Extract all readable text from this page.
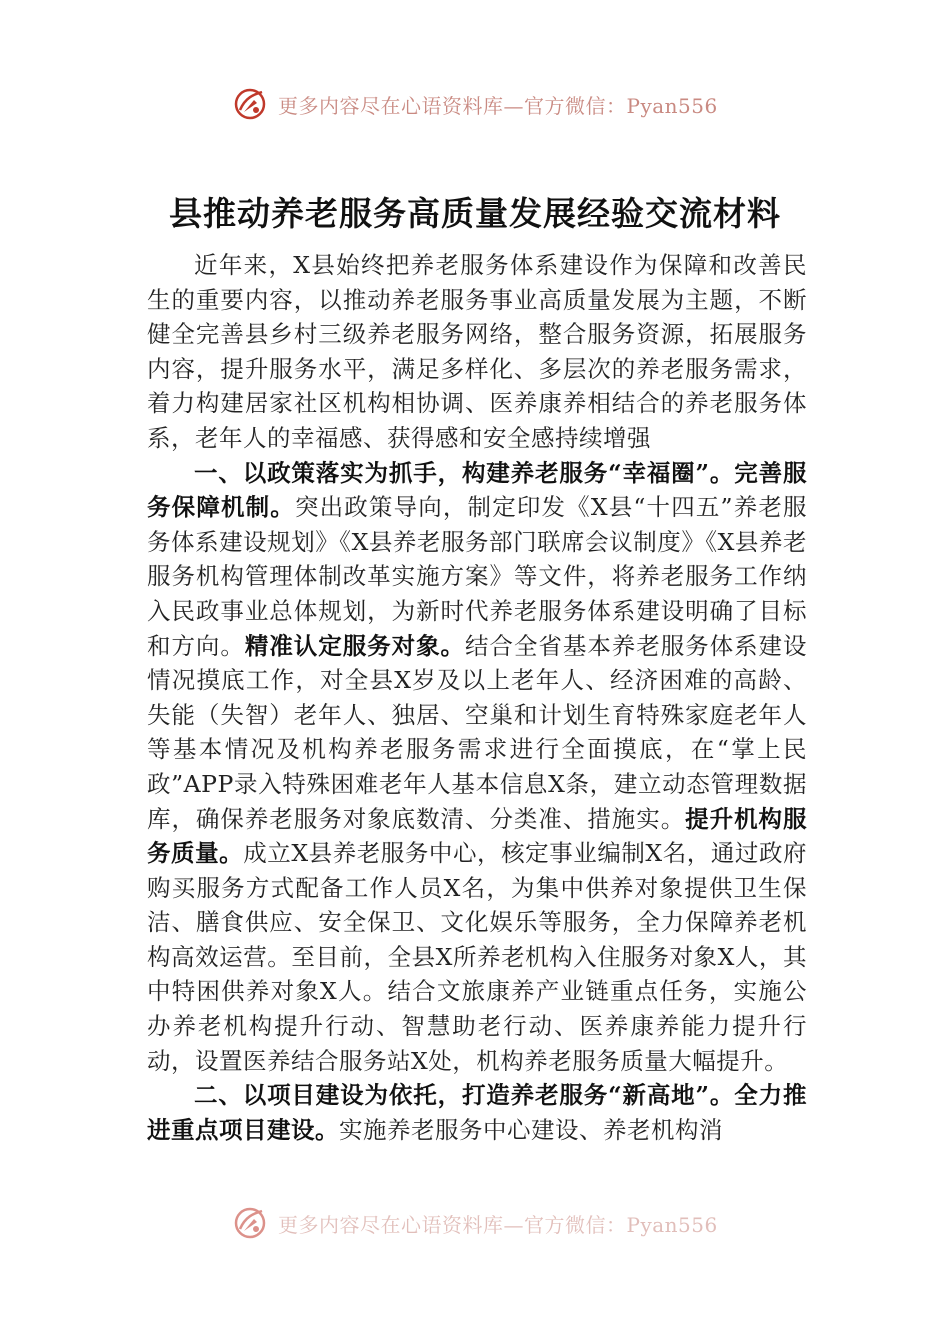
更多内容尽在心语资料库—官方微信：Pyan556
县推动养老服务高质量发展经验交流材料

近年来，X县始终把养老服务体系建设作为保障和改善民生的重要内容，以推动养老服务事业高质量发展为主题，不断健全完善县乡村三级养老服务网络，整合服务资源，拓展服务内容，提升服务水平，满足多样化、多层次的养老服务需求，着力构建居家社区机构相协调、医养康养相结合的养老服务体系，老年人的幸福感、获得感和安全感持续增强

一、以政策落实为抓手，构建养老服务“幸福圈”。完善服务保障机制。突出政策导向，制定印发《X县“十四五”养老服务体系建设规划》《X县养老服务部门联席会议制度》《X县养老服务机构管理体制改革实施方案》等文件，将养老服务工作纳入民政事业总体规划，为新时代养老服务体系建设明确了目标和方向。精准认定服务对象。结合全省基本养老服务体系建设情况摸底工作，对全县X岁及以上老年人、经济困难的高龄、失能（失智）老年人、独居、空巢和计划生育特殊家庭老年人等基本情况及机构养老服务需求进行全面摸底，在“掌上民政”APP录入特殊困难老年人基本信息X条，建立动态管理数据库，确保养老服务对象底数清、分类准、措施实。提升机构服务质量。成立X县养老服务中心，核定事业编制X名，通过政府购买服务方式配备工作人员X名，为集中供养对象提供卫生保洁、膳食供应、安全保卫、文化娱乐等服务，全力保障养老机构高效运营。至目前，全县X所养老机构入住服务对象X人，其中特困供养对象X人。结合文旅康养产业链重点任务，实施公办养老机构提升行动、智慧助老行动、医养康养能力提升行动，设置医养结合服务站X处，机构养老服务质量大幅提升。

二、以项目建设为依托，打造养老服务“新高地”。全力推进重点项目建设。实施养老服务中心建设、养老机构消

更多内容尽在心语资料库—官方微信：Pyan556
